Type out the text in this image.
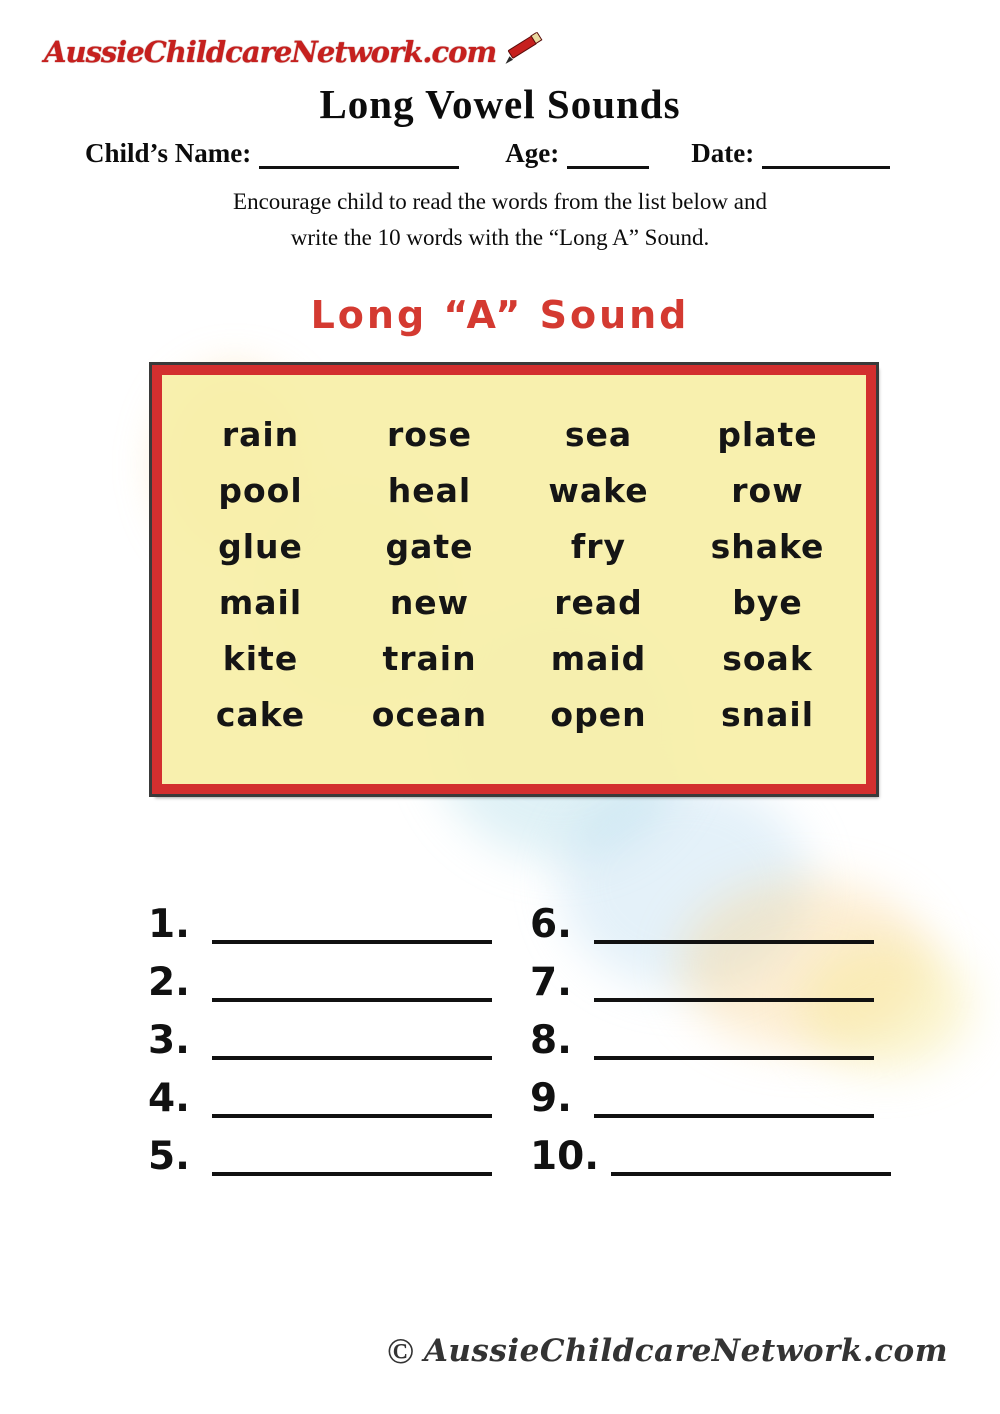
AussieChildcareNetwork.com
Long Vowel Sounds
Child’s Name:	Age:	Date:
Encourage child to read the words from the list below and
write the 10 words with the “Long A” Sound.
Long “A” Sound
rain	rose	sea	plate
pool	heal	wake	row
glue	gate	fry	shake
mail	new	read	bye
kite	train	maid	soak
cake	ocean	open	snail
1.
2.
3.
4.
5.
6.
7.
8.
9.
10.
© AussieChildcareNetwork.com
